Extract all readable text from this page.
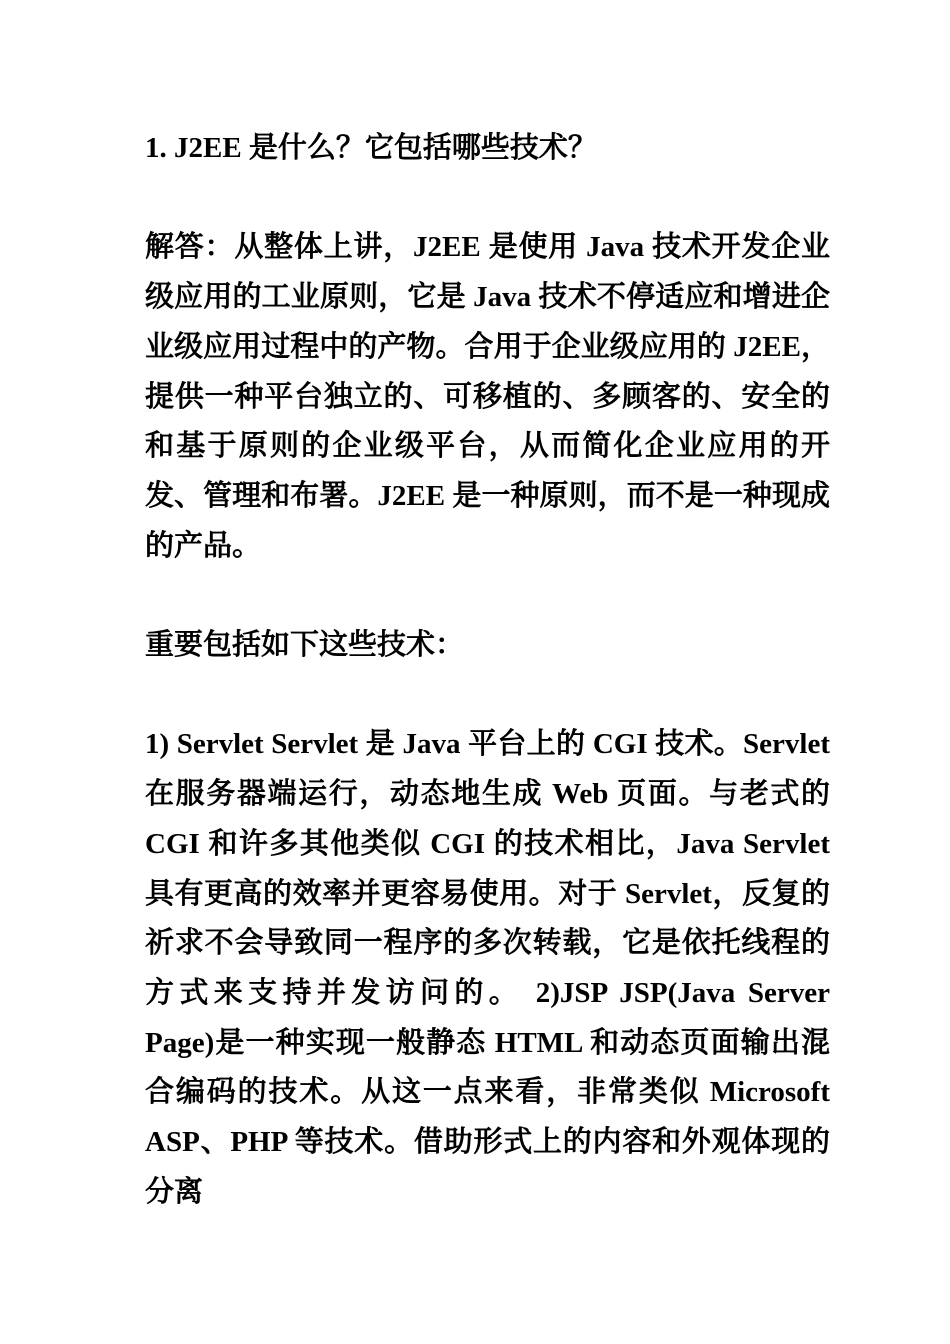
1. J2EE 是什么？它包括哪些技术？

解答：从整体上讲，J2EE 是使用 Java 技术开发企业级应用的工业原则，它是 Java 技术不停适应和增进企业级应用过程中的产物。合用于企业级应用的 J2EE，提供一种平台独立的、可移植的、多顾客的、安全的和基于原则的企业级平台，从而简化企业应用的开发、管理和布署。J2EE 是一种原则，而不是一种现成的产品。

重要包括如下这些技术：

1) Servlet Servlet 是 Java 平台上的 CGI 技术。Servlet 在服务器端运行，动态地生成 Web 页面。与老式的 CGI 和许多其他类似 CGI 的技术相比，Java Servlet 具有更高的效率并更容易使用。对于 Servlet，反复的祈求不会导致同一程序的多次转载，它是依托线程的方式来支持并发访问的。 2)JSP JSP(Java Server Page)是一种实现一般静态 HTML 和动态页面输出混合编码的技术。从这一点来看，非常类似 Microsoft ASP、PHP 等技术。借助形式上的内容和外观体现的分离
